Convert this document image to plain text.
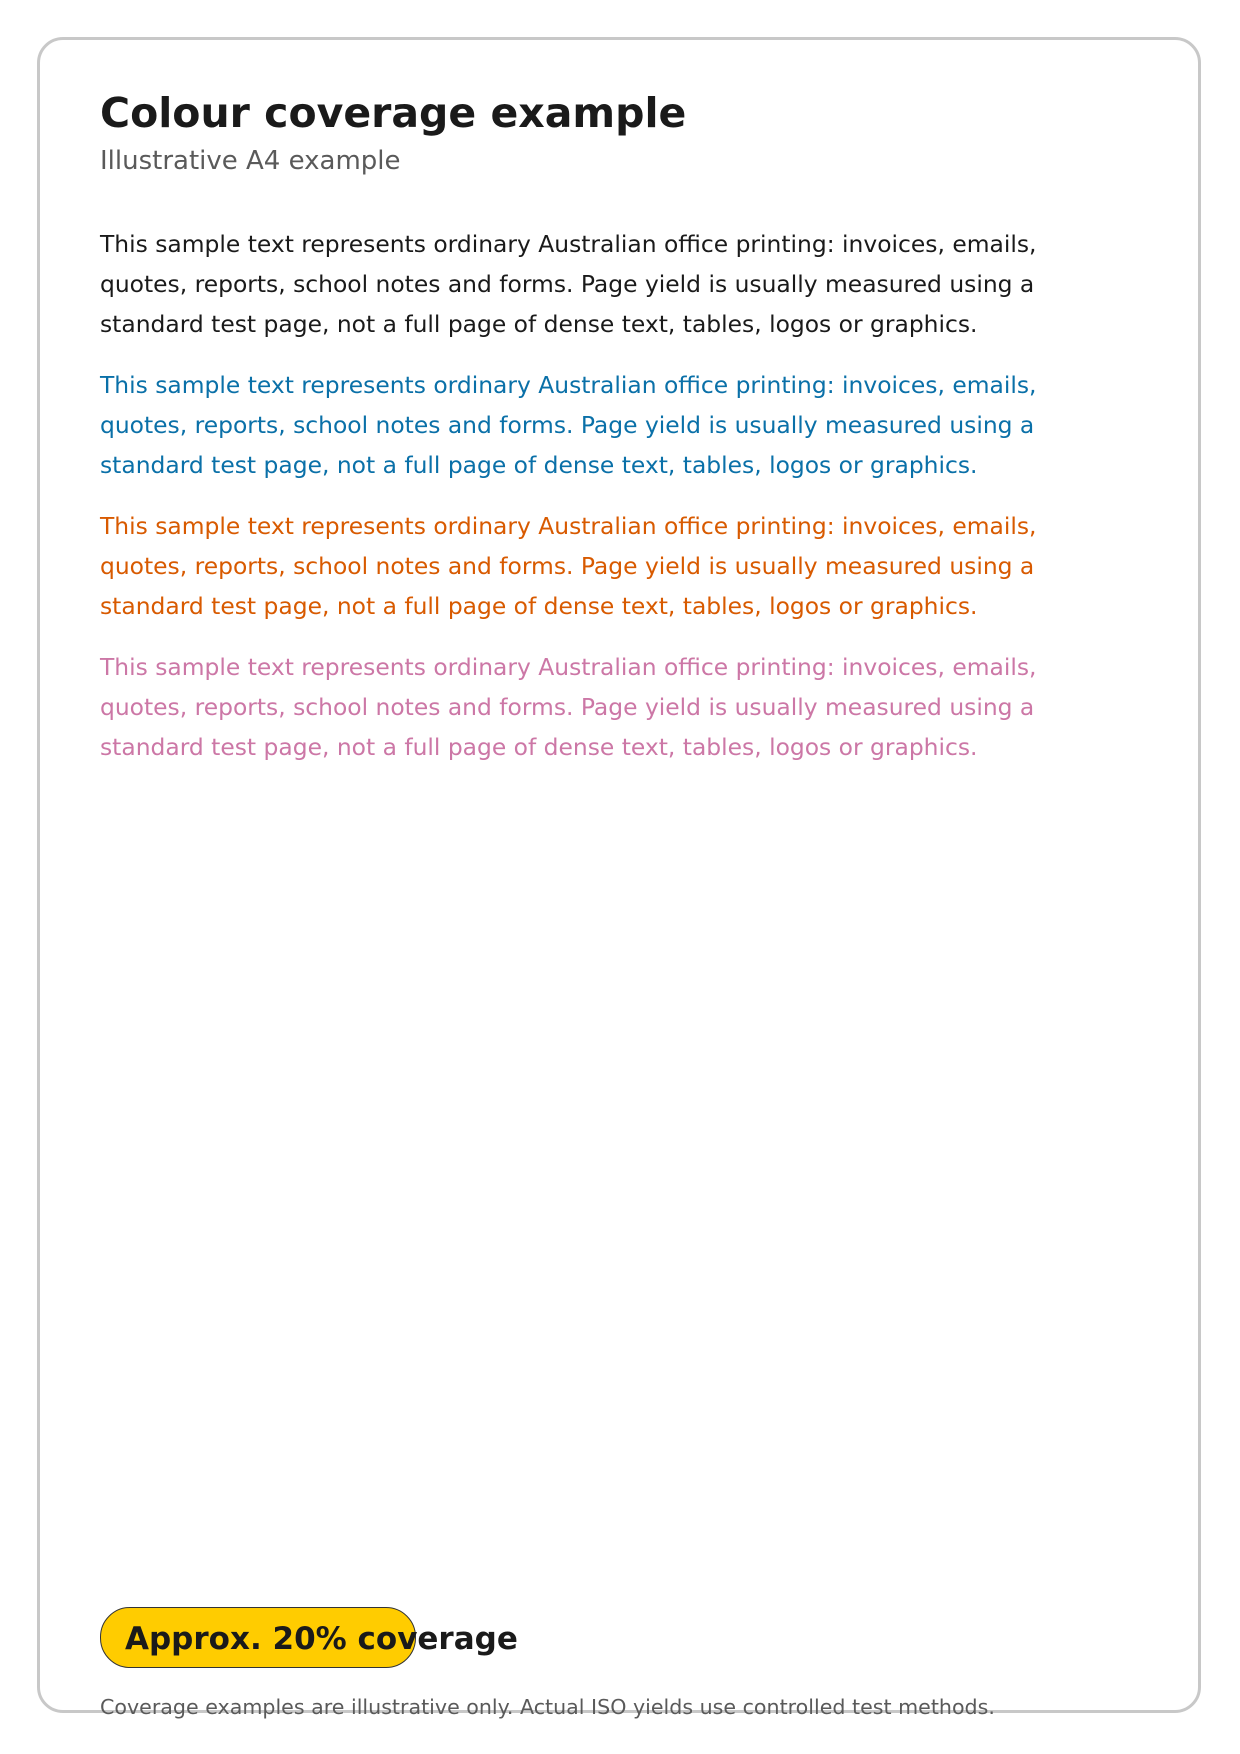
Colour coverage example
Illustrative A4 example

This sample text represents ordinary Australian office printing: invoices, emails, quotes, reports, school notes and forms. Page yield is usually measured using a standard test page, not a full page of dense text, tables, logos or graphics.

This sample text represents ordinary Australian office printing: invoices, emails, quotes, reports, school notes and forms. Page yield is usually measured using a standard test page, not a full page of dense text, tables, logos or graphics.

This sample text represents ordinary Australian office printing: invoices, emails, quotes, reports, school notes and forms. Page yield is usually measured using a standard test page, not a full page of dense text, tables, logos or graphics.

This sample text represents ordinary Australian office printing: invoices, emails, quotes, reports, school notes and forms. Page yield is usually measured using a standard test page, not a full page of dense text, tables, logos or graphics.

Approx. 20% coverage
Coverage examples are illustrative only. Actual ISO yields use controlled test methods.
